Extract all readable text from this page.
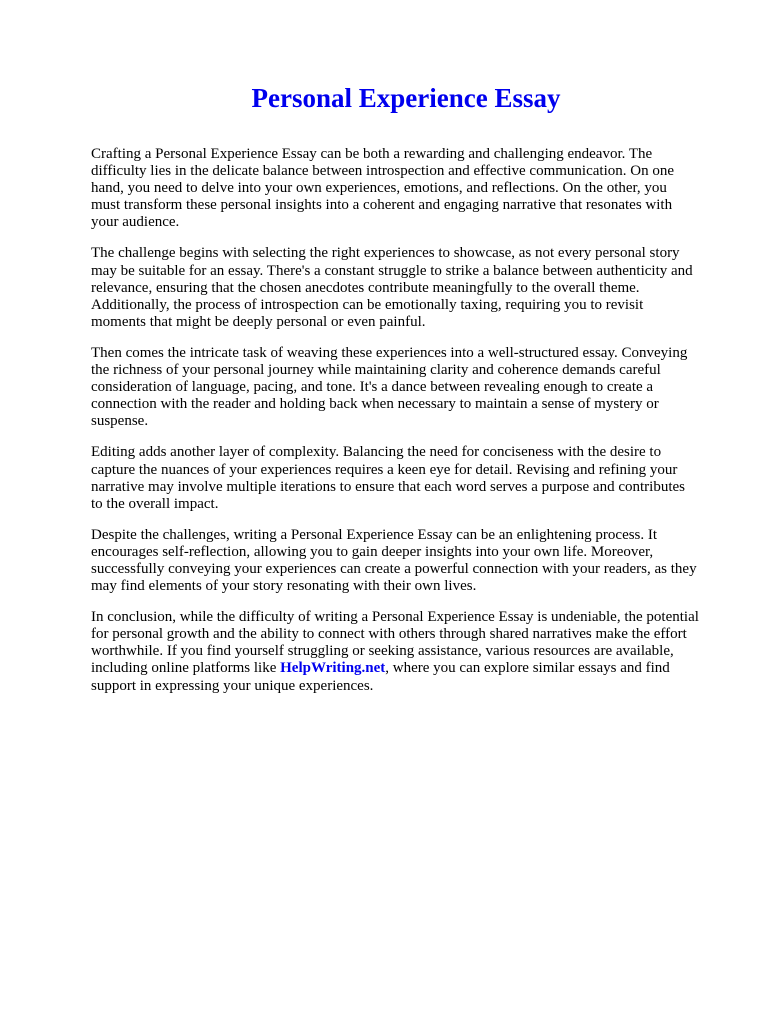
Personal Experience Essay

Crafting a Personal Experience Essay can be both a rewarding and challenging endeavor. The
difficulty lies in the delicate balance between introspection and effective communication. On one
hand, you need to delve into your own experiences, emotions, and reflections. On the other, you
must transform these personal insights into a coherent and engaging narrative that resonates with
your audience.

The challenge begins with selecting the right experiences to showcase, as not every personal story
may be suitable for an essay. There's a constant struggle to strike a balance between authenticity and
relevance, ensuring that the chosen anecdotes contribute meaningfully to the overall theme.
Additionally, the process of introspection can be emotionally taxing, requiring you to revisit
moments that might be deeply personal or even painful.

Then comes the intricate task of weaving these experiences into a well-structured essay. Conveying
the richness of your personal journey while maintaining clarity and coherence demands careful
consideration of language, pacing, and tone. It's a dance between revealing enough to create a
connection with the reader and holding back when necessary to maintain a sense of mystery or
suspense.

Editing adds another layer of complexity. Balancing the need for conciseness with the desire to
capture the nuances of your experiences requires a keen eye for detail. Revising and refining your
narrative may involve multiple iterations to ensure that each word serves a purpose and contributes
to the overall impact.

Despite the challenges, writing a Personal Experience Essay can be an enlightening process. It
encourages self-reflection, allowing you to gain deeper insights into your own life. Moreover,
successfully conveying your experiences can create a powerful connection with your readers, as they
may find elements of your story resonating with their own lives.

In conclusion, while the difficulty of writing a Personal Experience Essay is undeniable, the potential
for personal growth and the ability to connect with others through shared narratives make the effort
worthwhile. If you find yourself struggling or seeking assistance, various resources are available,
including online platforms like HelpWriting.net, where you can explore similar essays and find
support in expressing your unique experiences.
